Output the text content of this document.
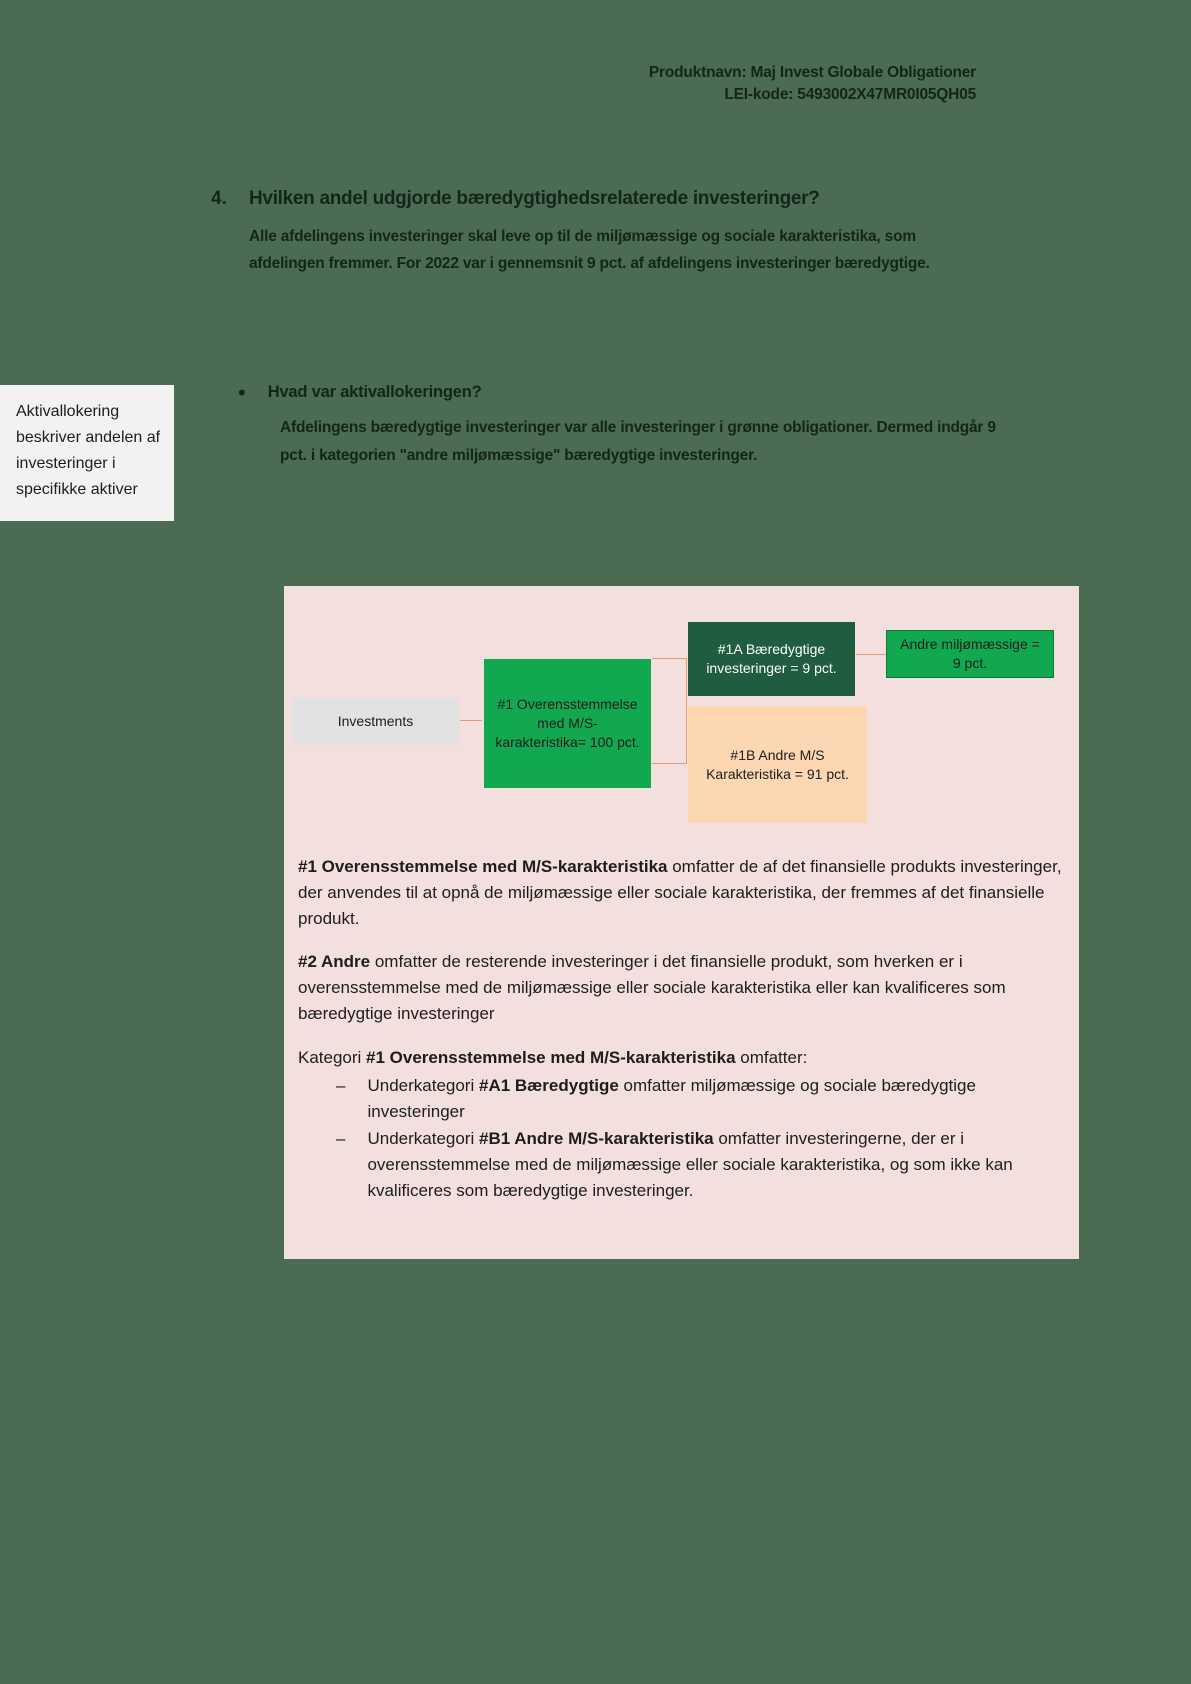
Produktnavn: Maj Invest Globale Obligationer
LEI-kode: 5493002X47MR0I05QH05
4.	Hvilken andel udgjorde bæredygtighedsrelaterede investeringer?
Alle afdelingens investeringer skal leve op til de miljømæssige og sociale karakteristika, som afdelingen fremmer. For 2022 var i gennemsnit 9 pct. af afdelingens investeringer bæredygtige.
• Hvad var aktivallokeringen?
Afdelingens bæredygtige investeringer var alle investeringer i grønne obligationer. Dermed indgår 9 pct. i kategorien "andre miljømæssige" bæredygtige investeringer.
Aktivallokering beskriver andelen af investeringer i specifikke aktiver
Investments
#1 Overensstemmelse med M/S-karakteristika= 100 pct.
#1A Bæredygtige investeringer = 9 pct.
Andre miljømæssige = 9 pct.
#1B Andre M/S Karakteristika = 91 pct.

#1 Overensstemmelse med M/S-karakteristika omfatter de af det finansielle produkts investeringer, der anvendes til at opnå de miljømæssige eller sociale karakteristika, der fremmes af det finansielle produkt.

#2 Andre omfatter de resterende investeringer i det finansielle produkt, som hverken er i overensstemmelse med de miljømæssige eller sociale karakteristika eller kan kvalificeres som bæredygtige investeringer

Kategori #1 Overensstemmelse med M/S-karakteristika omfatter:

– Underkategori #A1 Bæredygtige omfatter miljømæssige og sociale bæredygtige investeringer
– Underkategori #B1 Andre M/S-karakteristika omfatter investeringerne, der er i overensstemmelse med de miljømæssige eller sociale karakteristika, og som ikke kan kvalificeres som bæredygtige investeringer.
